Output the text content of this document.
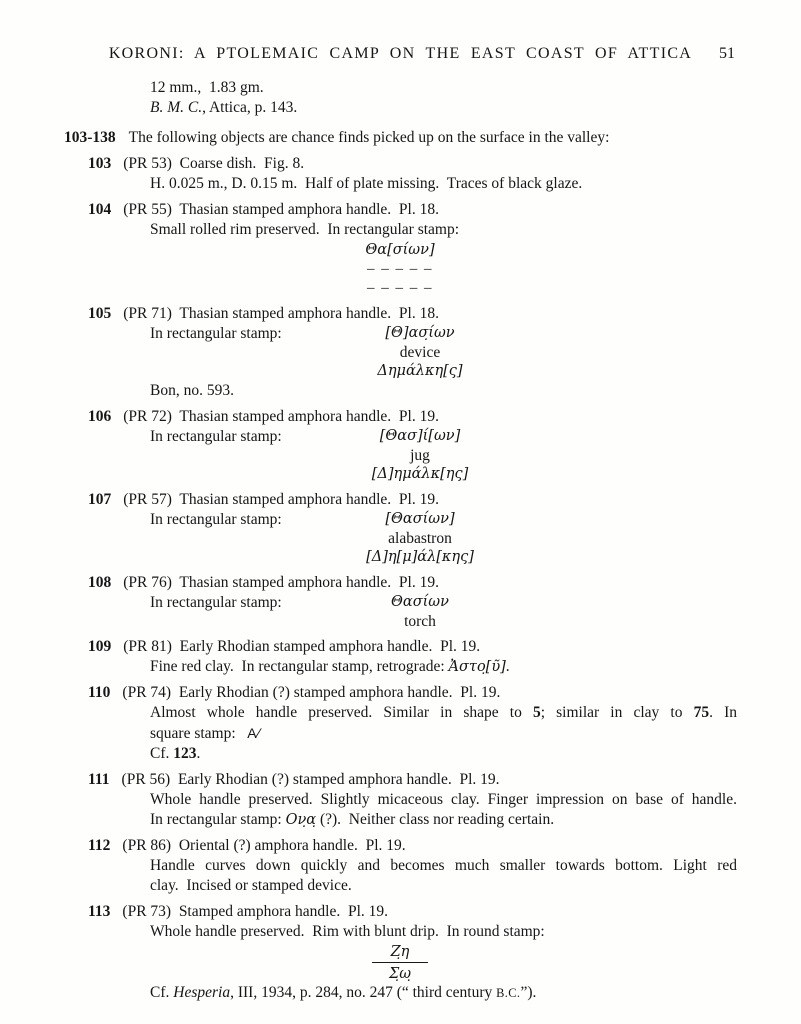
KORONI: A PTOLEMAIC CAMP ON THE EAST COAST OF ATTICA	51
12 mm.,  1.83 gm.
B. M. C., Attica, p. 143.
103-138 The following objects are chance finds picked up on the surface in the valley:
103 (PR 53)  Coarse dish.  Fig. 8.
H. 0.025 m., D. 0.15 m.  Half of plate missing.  Traces of black glaze.
104 (PR 55)  Thasian stamped amphora handle.  Pl. 18.
Small rolled rim preserved.  In rectangular stamp:
Θα[σίων]
– – – – –
– – – – –
105 (PR 71)  Thasian stamped amphora handle.  Pl. 18.
In rectangular stamp:	[Θ]ασ̣ίων
device
Δημάλκη[ς]
Bon, no. 593.
106 (PR 72)  Thasian stamped amphora handle.  Pl. 19.
In rectangular stamp:	[Θασ]ί[ων]
jug
[Δ]ημάλκ[ης]
107 (PR 57)  Thasian stamped amphora handle.  Pl. 19.
In rectangular stamp:	[Θασίων]
alabastron
[Δ]η[μ]άλ[κης]
108 (PR 76)  Thasian stamped amphora handle.  Pl. 19.
In rectangular stamp:	Θασίων
torch
109 (PR 81)  Early Rhodian stamped amphora handle.  Pl. 19.
Fine red clay.  In rectangular stamp, retrograde: Ἀστο̣[ῦ].
110 (PR 74)  Early Rhodian (?) stamped amphora handle.  Pl. 19.
Almost whole handle preserved. Similar in shape to 5; similar in clay to 75. In
square stamp:   Α∕
Cf. 123.
111 (PR 56)  Early Rhodian (?) stamped amphora handle.  Pl. 19.
Whole handle preserved. Slightly micaceous clay. Finger impression on base of handle.
In rectangular stamp: Ον̣α̣ (?).  Neither class nor reading certain.
112 (PR 86)  Oriental (?) amphora handle.  Pl. 19.
Handle curves down quickly and becomes much smaller towards bottom. Light red
clay.  Incised or stamped device.
113 (PR 73)  Stamped amphora handle.  Pl. 19.
Whole handle preserved.  Rim with blunt drip.  In round stamp:
Ζ̣η
Σ̣ω̣
Cf. Hesperia, III, 1934, p. 284, no. 247 (“ third century B.C.”).
